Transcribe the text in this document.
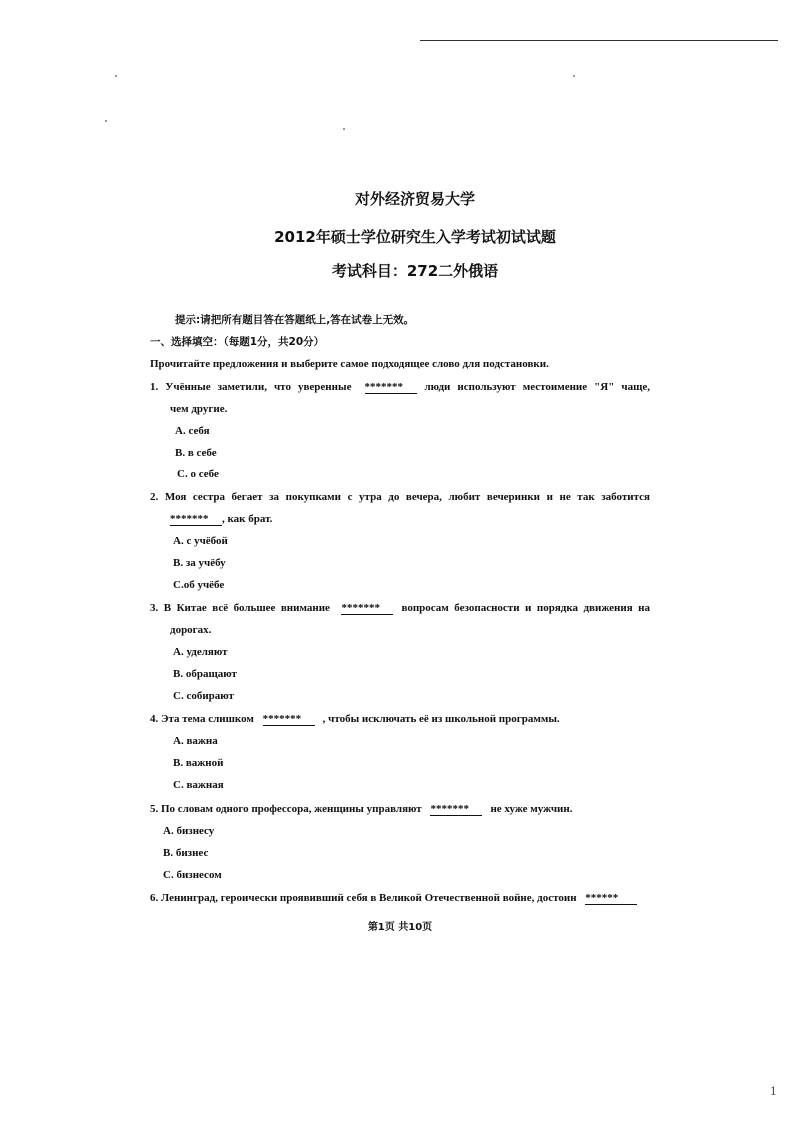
对外经济贸易大学
2012年硕士学位研究生入学考试初试试题
考试科目：272二外俄语
提示:请把所有题目答在答题纸上,答在试卷上无效。
一、选择填空：（每题1分，共20分）
Прочитайте предложения и выберите самое подходящее слово для подстановки.
1. Учённые заметили, что уверенные ******* люди используют местоимение "Я" чаще,
чем другие.
A. себя
B. в себе
C. о себе
2. Моя сестра бегает за покупками с утра до вечера, любит вечеринки и не так заботится
******* , как брат.
A. с учёбой
B. за учёбу
C.об учёбе
3. В Китае всё большее внимание ******* вопросам безопасности и порядка движения на
дорогах.
A. уделяют
B. обращают
C. собирают
4. Эта тема слишком ******* , чтобы исключать её из школьной программы.
A. важна
B. важной
C. важная
5. По словам одного профессора, женщины управляют ******* не хуже мужчин.
A. бизнесу
B. бизнес
C. бизнесом
6. Ленинград, героически проявивший себя в Великой Отечественной войне, достоин ******
第1页 共10页
1
